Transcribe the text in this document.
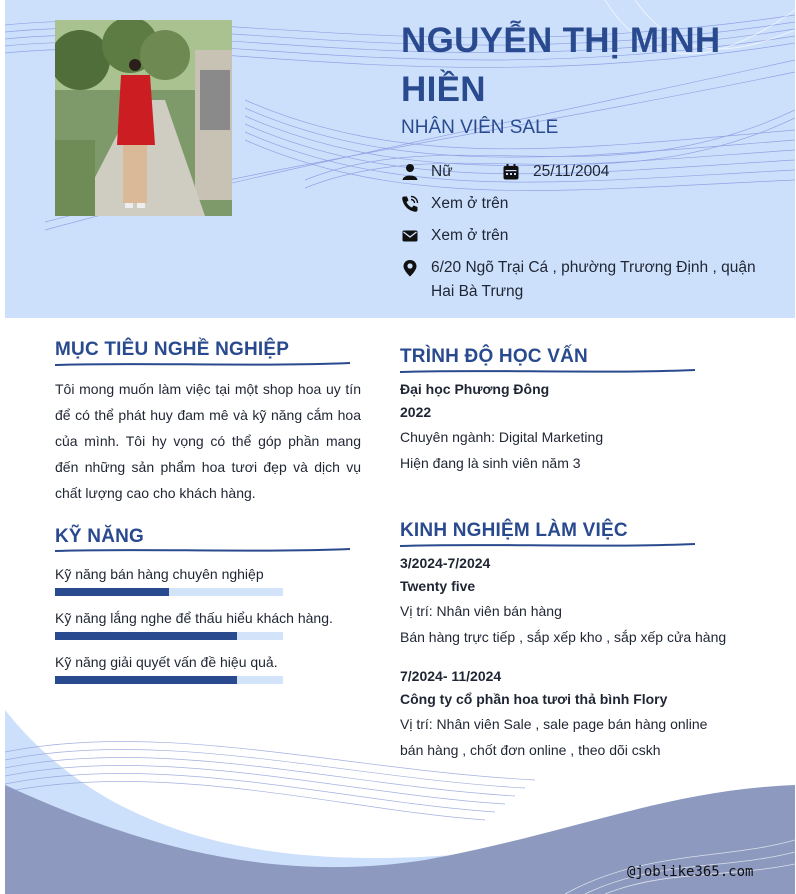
NGUYỄN THỊ MINH HIỀN
NHÂN VIÊN SALE
Nữ	25/11/2004
Xem ở trên
Xem ở trên
6/20 Ngõ Trại Cá , phường Trương Định , quận Hai Bà Trưng
MỤC TIÊU NGHỀ NGHIỆP
Tôi mong muốn làm việc tại một shop hoa uy tín để có thể phát huy đam mê và kỹ năng cắm hoa của mình. Tôi hy vọng có thể góp phần mang đến những sản phẩm hoa tươi đẹp và dịch vụ chất lượng cao cho khách hàng.
KỸ NĂNG
Kỹ năng bán hàng chuyên nghiệp
Kỹ năng lắng nghe để thấu hiểu khách hàng.
Kỹ năng giải quyết vấn đề hiệu quả.
TRÌNH ĐỘ HỌC VẤN
Đại học Phương Đông
2022
Chuyên ngành: Digital Marketing
Hiện đang là sinh viên năm 3
KINH NGHIỆM LÀM VIỆC
3/2024-7/2024
Twenty five
Vị trí: Nhân viên bán hàng
Bán hàng trực tiếp , sắp xếp kho , sắp xếp cửa hàng
7/2024- 11/2024
Công ty cổ phần hoa tươi thả bình Flory
Vị trí: Nhân viên Sale , sale page bán hàng online
bán hàng , chốt đơn online , theo dõi cskh
@joblike365.com
